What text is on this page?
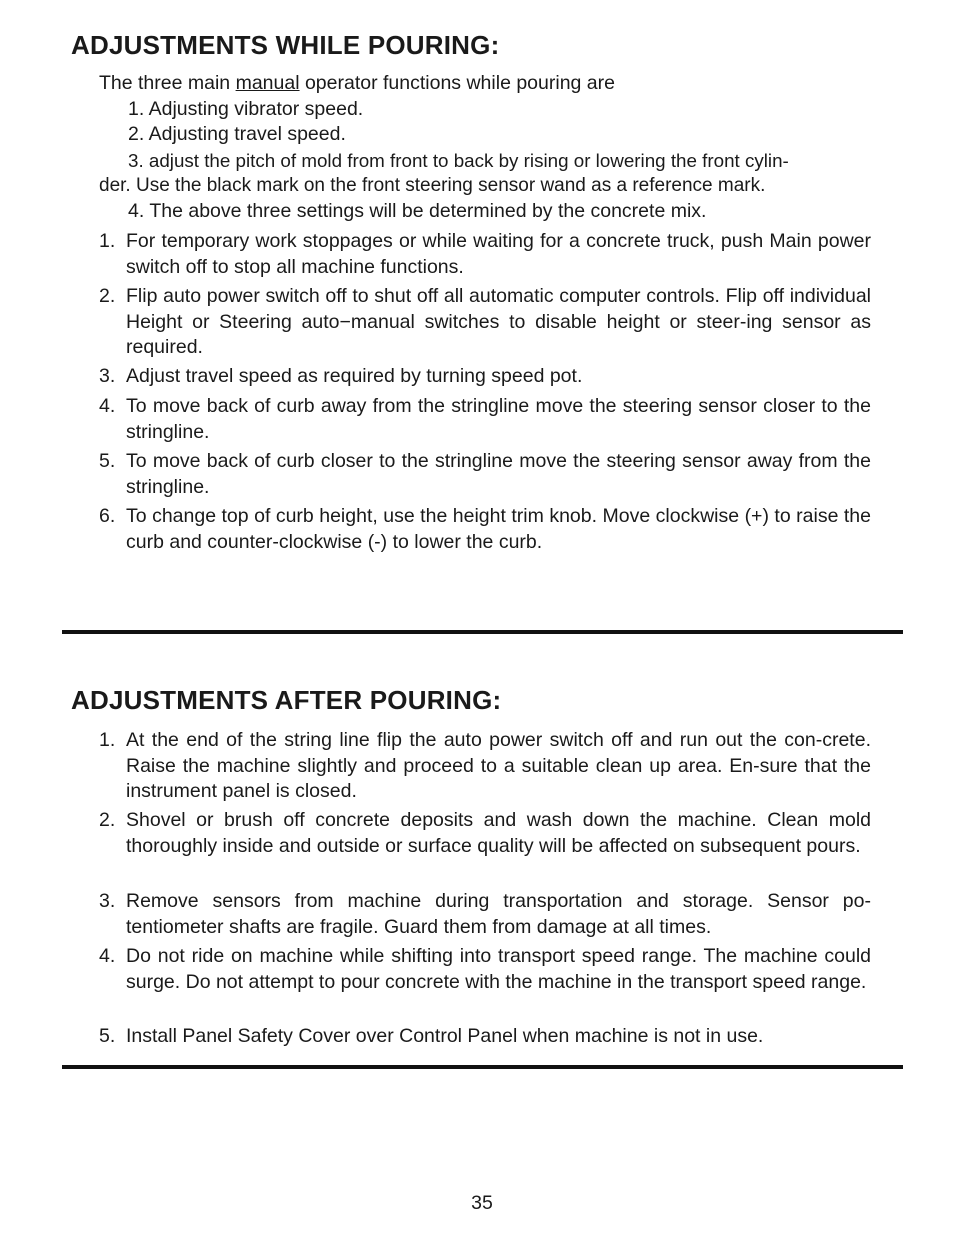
ADJUSTMENTS WHILE POURING:

The three main manual operator functions while pouring are

1. Adjusting vibrator speed.

2. Adjusting travel speed.

3. adjust the pitch of mold from front to back by rising or lowering the front cylin-

der. Use the black mark on the front steering sensor wand as a reference mark.

4. The above three settings will be determined by the concrete mix.

1. For temporary work stoppages or while waiting for a concrete truck, push Main power switch off to stop all machine functions.
2. Flip auto power switch off to shut off all automatic computer controls. Flip off individual Height or Steering auto−manual switches to disable height or steer-ing sensor as required.
3. Adjust travel speed as required by turning speed pot.
4. To move back of curb away from the stringline move the steering sensor closer to the stringline.
5. To move back of curb closer to the stringline move the steering sensor away from the stringline.
6. To change top of curb height, use the height trim knob. Move clockwise (+) to raise the curb and counter-clockwise (-) to lower the curb.
ADJUSTMENTS AFTER POURING:
1. At the end of the string line flip the auto power switch off and run out the con-crete. Raise the machine slightly and proceed to a suitable clean up area. En-sure that the instrument panel is closed.
2. Shovel or brush off concrete deposits and wash down the machine. Clean mold thoroughly inside and outside or surface quality will be affected on subsequent pours.
3. Remove sensors from machine during transportation and storage. Sensor po-tentiometer shafts are fragile. Guard them from damage at all times.
4. Do not ride on machine while shifting into transport speed range. The machine could surge. Do not attempt to pour concrete with the machine in the transport speed range.
5. Install Panel Safety Cover over Control Panel when machine is not in use.
35
